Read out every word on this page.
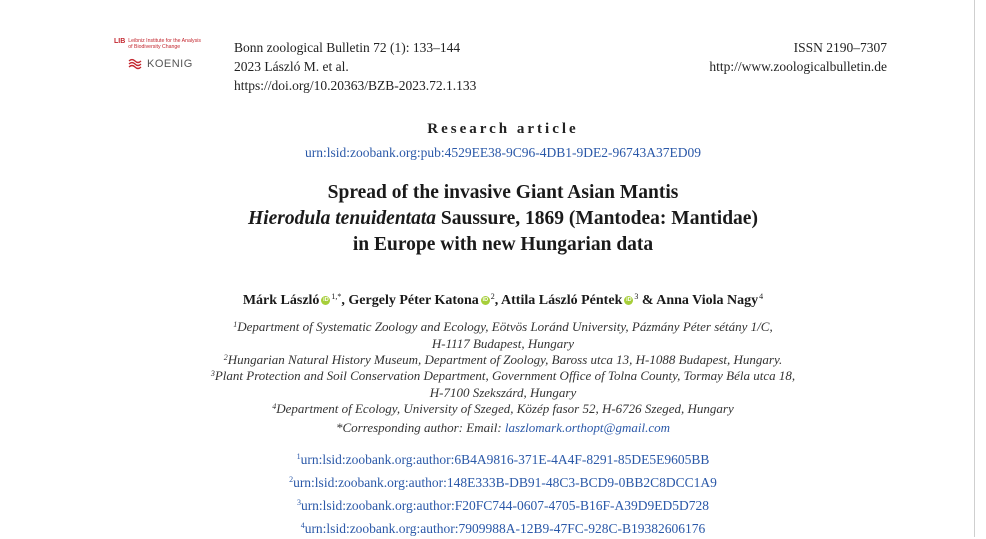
LIB Leibniz Institute for the Analysis
of Biodiversity Change
KOENIG
Bonn zoological Bulletin 72 (1): 133–144
2023 László M. et al.
https://doi.org/10.20363/BZB-2023.72.1.133
ISSN 2190–7307
http://www.zoologicalbulletin.de
Research article
urn:lsid:zoobank.org:pub:4529EE38-9C96-4DB1-9DE2-96743A37ED09
Spread of the invasive Giant Asian Mantis
Hierodula tenuidentata Saussure, 1869 (Mantodea: Mantidae)
in Europe with new Hungarian data
Márk László iD $^{1,*}$, Gergely Péter Katona iD $^2$, Attila László Péntek iD $^3$ & Anna Viola Nagy$^4$
$^1$Department of Systematic Zoology and Ecology, Eötvös Loránd University, Pázmány Péter sétány 1/C,
H-1117 Budapest, Hungary
$^2$Hungarian Natural History Museum, Department of Zoology, Baross utca 13, H-1088 Budapest, Hungary.
$^3$Plant Protection and Soil Conservation Department, Government Office of Tolna County, Tormay Béla utca 18,
H-7100 Szekszárd, Hungary
$^4$Department of Ecology, University of Szeged, Közép fasor 52, H-6726 Szeged, Hungary
*Corresponding author: Email: laszlomark.orthopt@gmail.com
$^1$urn:lsid:zoobank.org:author:6B4A9816-371E-4A4F-8291-85DE5E9605BB
$^2$urn:lsid:zoobank.org:author:148E333B-DB91-48C3-BCD9-0BB2C8DCC1A9
$^3$urn:lsid:zoobank.org:author:F20FC744-0607-4705-B16F-A39D9ED5D728
$^4$urn:lsid:zoobank.org:author:7909988A-12B9-47FC-928C-B19382606176
